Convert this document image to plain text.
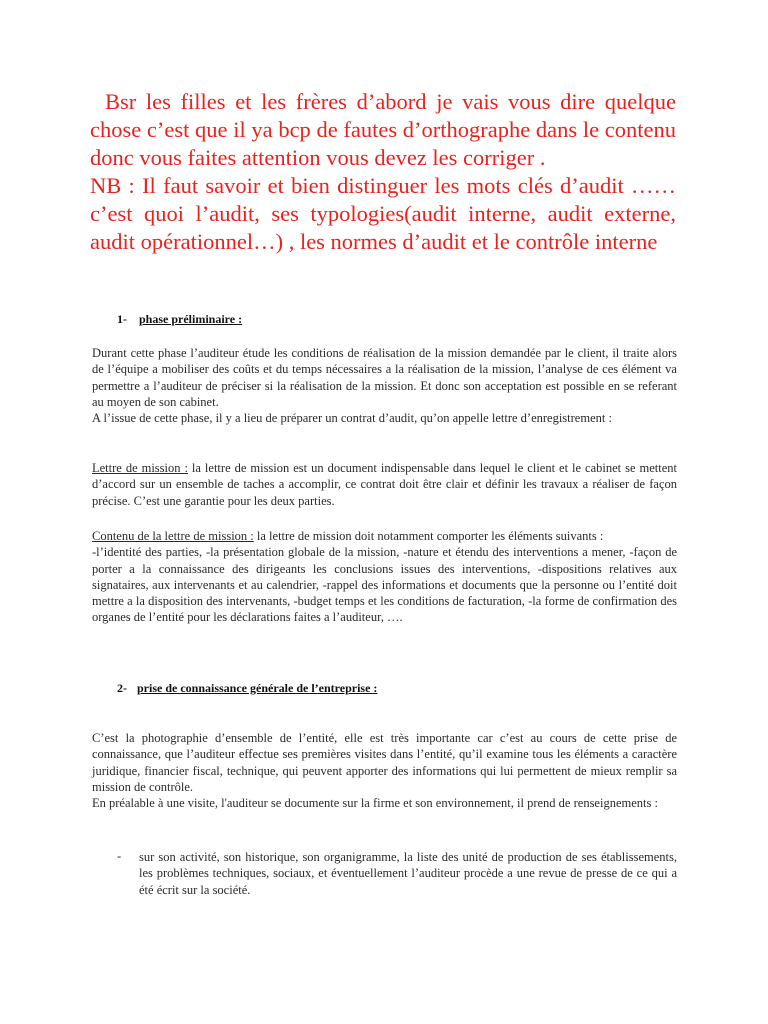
Bsr les filles et les frères d’abord je vais vous dire quelque chose c’est que il ya bcp de fautes d’orthographe dans le contenu donc vous faites attention vous devez les corriger .

NB : Il faut savoir et bien distinguer les mots clés d’audit …… c’est quoi l’audit, ses typologies(audit interne, audit externe, audit opérationnel…) , les normes d’audit et le contrôle interne

1- phase préliminaire :

Durant cette phase l’auditeur étude les conditions de réalisation de la mission demandée par le client, il traite alors de l’équipe a mobiliser des coûts et du temps nécessaires a la réalisation de la mission, l’analyse de ces élément va permettre a l’auditeur de préciser si la réalisation de la mission. Et donc son acceptation est possible en se referant au moyen de son cabinet.

A l’issue de cette phase, il y a lieu de préparer un contrat d’audit, qu’on appelle lettre d’enregistrement :

Lettre de mission : la lettre de mission est un document indispensable dans lequel le client et le cabinet se mettent d’accord sur un ensemble de taches a accomplir, ce contrat doit être clair et définir les travaux a réaliser de façon précise. C’est une garantie pour les deux parties.

Contenu de la lettre de mission : la lettre de mission doit notamment comporter les éléments suivants :

-l’identité des parties, -la présentation globale de la mission, -nature et étendu des interventions a mener, -façon de porter a la connaissance des dirigeants les conclusions issues des interventions, -dispositions relatives aux signataires, aux intervenants et au calendrier, -rappel des informations et documents que la personne ou l’entité doit mettre a la disposition des intervenants, -budget temps et les conditions de facturation, -la forme de confirmation des organes de l’entité pour les déclarations faites a l’auditeur, ….

2- prise de connaissance générale de l’entreprise :

C’est la photographie d’ensemble de l’entité, elle est très importante car c’est au cours de cette prise de connaissance, que l’auditeur effectue ses premières visites dans l’entité, qu’il examine tous les éléments a caractère juridique, financier fiscal, technique, qui peuvent apporter des informations qui lui permettent de mieux remplir sa mission de contrôle.

En préalable à une visite, l'auditeur se documente sur la firme et son environnement, il prend de renseignements :

- sur son activité, son historique, son organigramme, la liste des unité de production de ses établissements, les problèmes techniques, sociaux, et éventuellement l’auditeur procède a une revue de presse de ce qui a été écrit sur la société.
